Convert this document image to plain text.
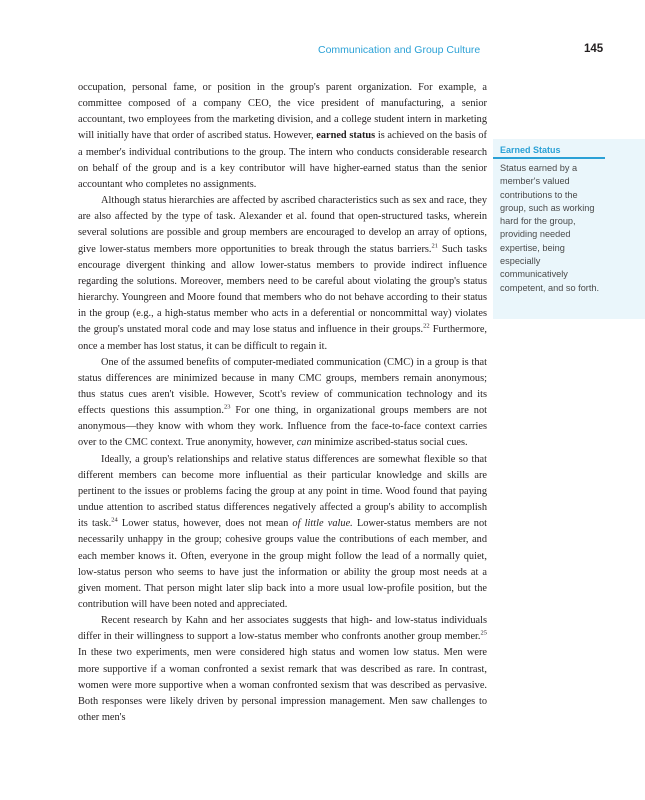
Communication and Group Culture	145
Earned Status
Status earned by a member's valued contributions to the group, such as working hard for the group, providing needed expertise, being especially communicatively competent, and so forth.

occupation, personal fame, or position in the group's parent organization. For example, a committee composed of a company CEO, the vice president of manufacturing, a senior accountant, two employees from the marketing division, and a college student intern in marketing will initially have that order of ascribed status. However, earned status is achieved on the basis of a member's individual contributions to the group. The intern who conducts considerable research on behalf of the group and is a key contributor will have higher-earned status than the senior accountant who completes no assignments.

Although status hierarchies are affected by ascribed characteristics such as sex and race, they are also affected by the type of task. Alexander et al. found that open-structured tasks, wherein several solutions are possible and group members are encouraged to develop an array of options, give lower-status members more opportunities to break through the status barriers.$^{21}$ Such tasks encourage divergent thinking and allow lower-status members to provide indirect influence regarding the solutions. Moreover, members need to be careful about violating the group's status hierarchy. Youngreen and Moore found that members who do not behave according to their status in the group (e.g., a high-status member who acts in a deferential or noncommittal way) violates the group's unstated moral code and may lose status and influence in their groups.$^{22}$ Furthermore, once a member has lost status, it can be difficult to regain it.

One of the assumed benefits of computer-mediated communication (CMC) in a group is that status differences are minimized because in many CMC groups, members remain anonymous; thus status cues aren't visible. However, Scott's review of communication technology and its effects questions this assumption.$^{23}$ For one thing, in organizational groups members are not anonymous—they know with whom they work. Influence from the face-to-face context carries over to the CMC context. True anonymity, however, can minimize ascribed-status social cues.

Ideally, a group's relationships and relative status differences are somewhat flexible so that different members can become more influential as their particular knowledge and skills are pertinent to the issues or problems facing the group at any point in time. Wood found that paying undue attention to ascribed status differences negatively affected a group's ability to accomplish its task.$^{24}$ Lower status, however, does not mean of little value. Lower-status members are not necessarily unhappy in the group; cohesive groups value the contributions of each member, and each member knows it. Often, everyone in the group might follow the lead of a normally quiet, low-status person who seems to have just the information or ability the group most needs at a given moment. That person might later slip back into a more usual low-profile position, but the contribution will have been noted and appreciated.

Recent research by Kahn and her associates suggests that high- and low-status individuals differ in their willingness to support a low-status member who confronts another group member.$^{25}$ In these two experiments, men were considered high status and women low status. Men were more supportive if a woman confronted a sexist remark that was described as rare. In contrast, women were more supportive when a woman confronted sexism that was described as pervasive. Both responses were likely driven by personal impression management. Men saw challenges to other men's
